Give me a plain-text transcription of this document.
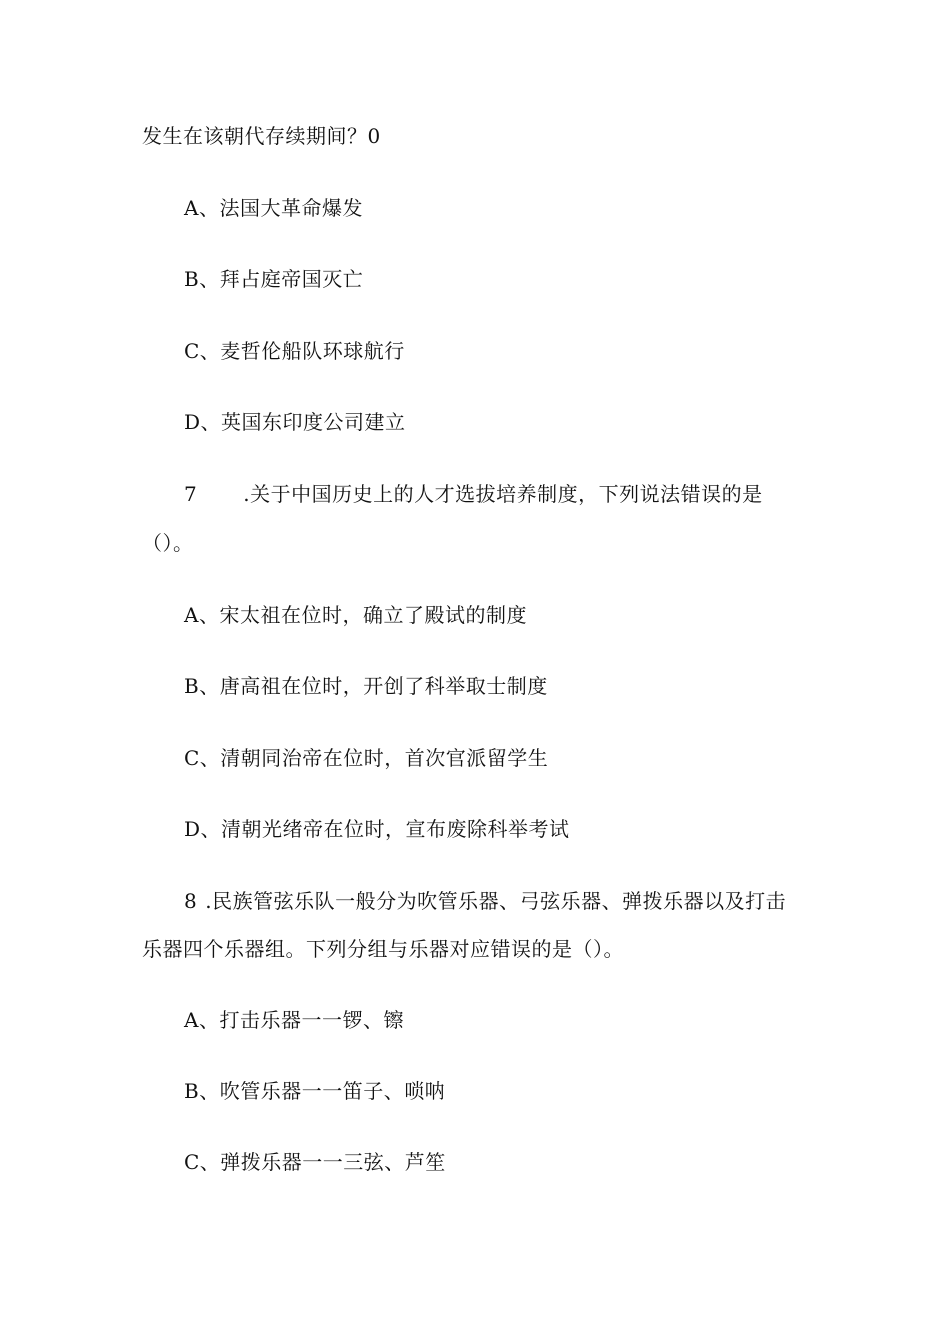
发生在该朝代存续期间？0
A、法国大革命爆发
B、拜占庭帝国灭亡
C、麦哲伦船队环球航行
D、英国东印度公司建立
7 .关于中国历史上的人才选拔培养制度，下列说法错误的是
（）。
A、宋太祖在位时，确立了殿试的制度
B、唐高祖在位时，开创了科举取士制度
C、清朝同治帝在位时，首次官派留学生
D、清朝光绪帝在位时，宣布废除科举考试
8 .民族管弦乐队一般分为吹管乐器、弓弦乐器、弹拨乐器以及打击
乐器四个乐器组。下列分组与乐器对应错误的是（）。
A、打击乐器一一锣、镲
B、吹管乐器一一笛子、唢呐
C、弹拨乐器一一三弦、芦笙
